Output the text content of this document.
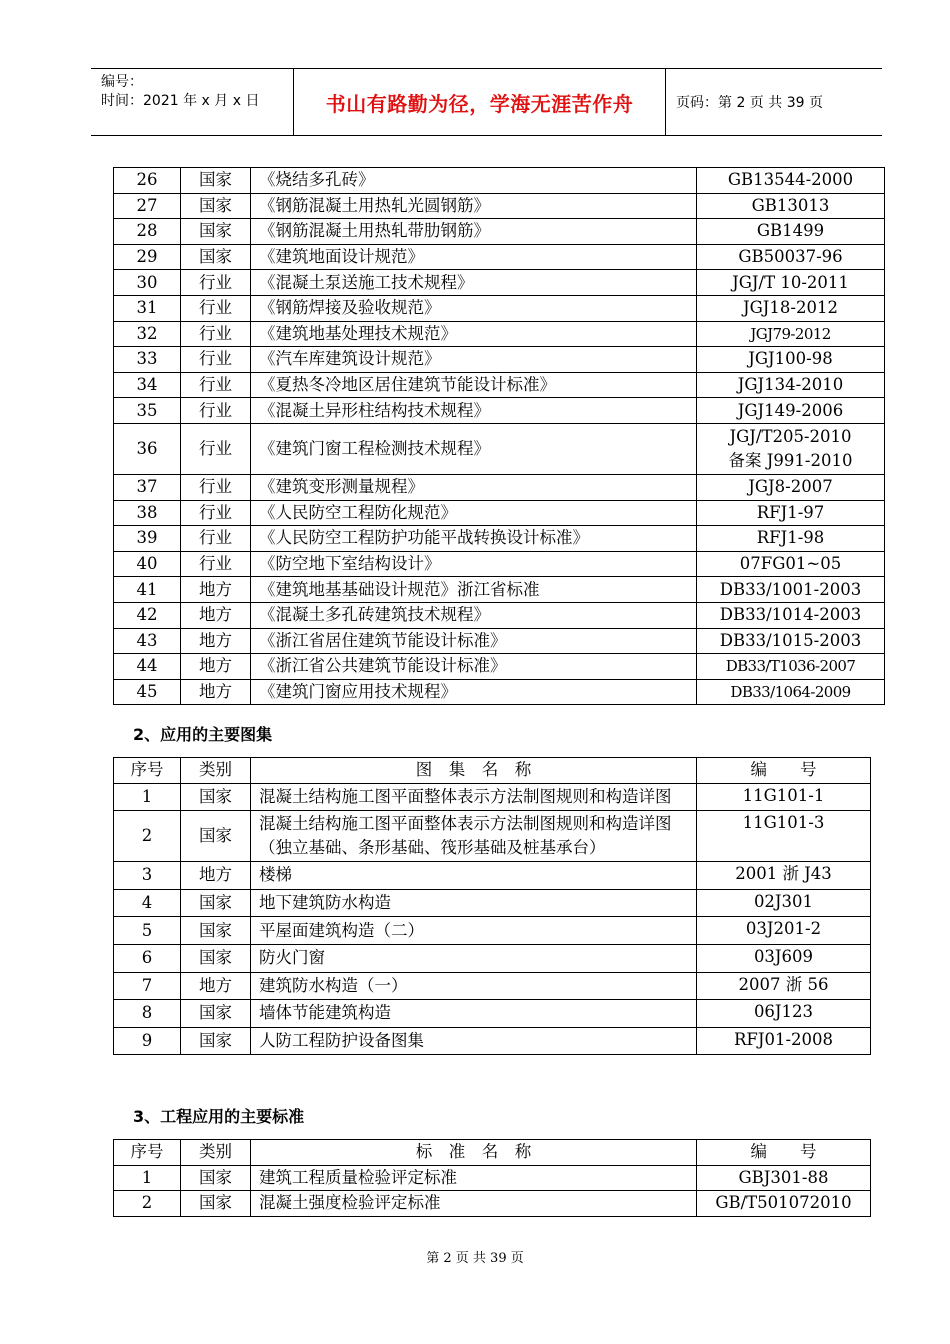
编号：
时间：2021 年 x 月 x 日	书山有路勤为径，学海无涯苦作舟	页码：第 2 页 共 39 页
26	国家	《烧结多孔砖》	GB13544-2000
27	国家	《钢筋混凝土用热轧光圆钢筋》	GB13013
28	国家	《钢筋混凝土用热轧带肋钢筋》	GB1499
29	国家	《建筑地面设计规范》	GB50037-96
30	行业	《混凝土泵送施工技术规程》	JGJ/T 10-2011
31	行业	《钢筋焊接及验收规范》	JGJ18-2012
32	行业	《建筑地基处理技术规范》	JGJ79-2012
33	行业	《汽车库建筑设计规范》	JGJ100-98
34	行业	《夏热冬冷地区居住建筑节能设计标准》	JGJ134-2010
35	行业	《混凝土异形柱结构技术规程》	JGJ149-2006
36	行业	《建筑门窗工程检测技术规程》	JGJ/T205-2010
备案 J991-2010

37	行业	《建筑变形测量规程》	JGJ8-2007
38	行业	《人民防空工程防化规范》	RFJ1-97
39	行业	《人民防空工程防护功能平战转换设计标准》	RFJ1-98
40	行业	《防空地下室结构设计》	07FG01~05
41	地方	《建筑地基基础设计规范》浙江省标准	DB33/1001-2003
42	地方	《混凝土多孔砖建筑技术规程》	DB33/1014-2003
43	地方	《浙江省居住建筑节能设计标准》	DB33/1015-2003
44	地方	《浙江省公共建筑节能设计标准》	DB33/T1036-2007
45	地方	《建筑门窗应用技术规程》	DB33/1064-2009
2、应用的主要图集
序号	类别	图　集　名　称	编　　号
1	国家	混凝土结构施工图平面整体表示方法制图规则和构造详图	11G101-1
2	国家	混凝土结构施工图平面整体表示方法制图规则和构造详图（独立基础、条形基础、筏形基础及桩基承台）	11G101-3
3	地方	楼梯	2001 浙 J43
4	国家	地下建筑防水构造	02J301
5	国家	平屋面建筑构造（二）	03J201-2
6	国家	防火门窗	03J609
7	地方	建筑防水构造（一）	2007 浙 56
8	国家	墙体节能建筑构造	06J123
9	国家	人防工程防护设备图集	RFJ01-2008
3、工程应用的主要标准
序号	类别	标　准　名　称	编　　号
1	国家	建筑工程质量检验评定标准	GBJ301-88
2	国家	混凝土强度检验评定标准	GB/T501072010
第 2 页 共 39 页
